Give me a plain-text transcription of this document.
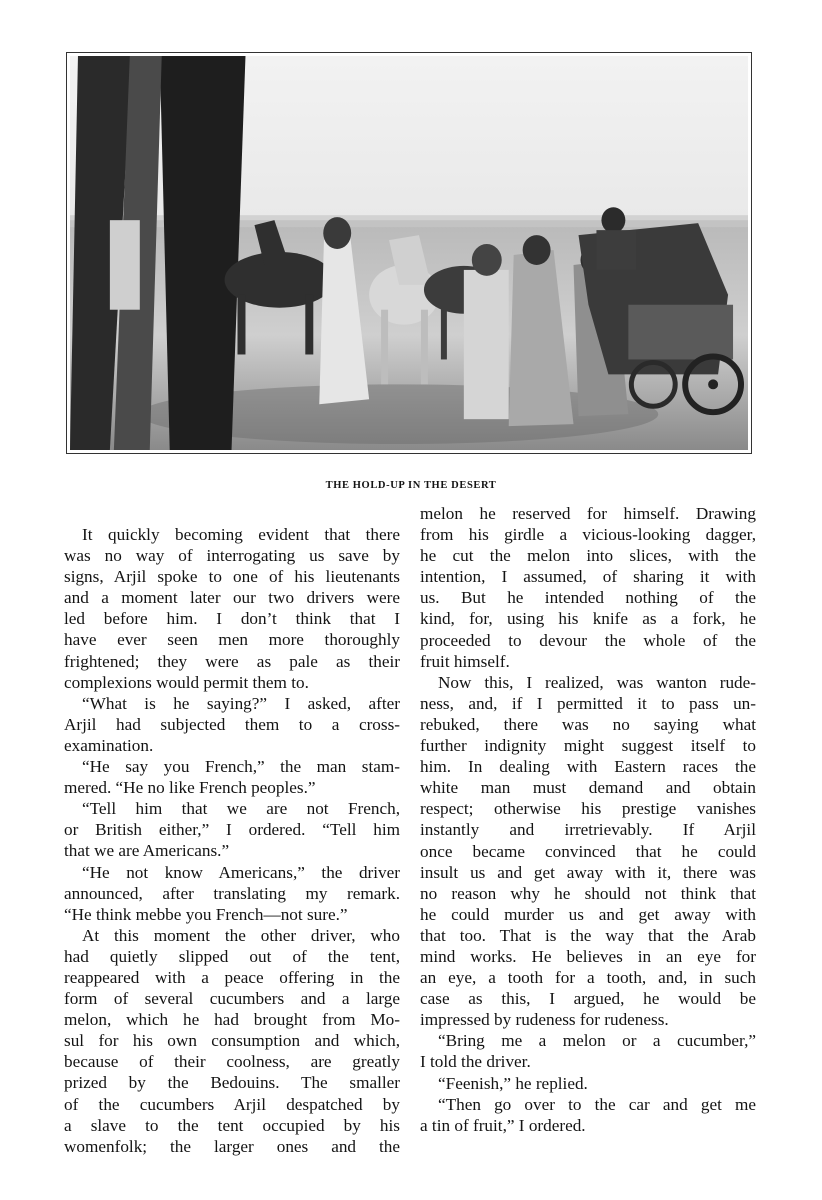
THE HOLD-UP IN THE DESERT
It quickly becoming evident that there
was no way of interrogating us save by
signs, Arjil spoke to one of his lieutenants
and a moment later our two drivers were
led before him. I don’t think that I
have ever seen men more thoroughly
frightened; they were as pale as their
complexions would permit them to.
“What is he saying?” I asked, after
Arjil had subjected them to a cross-
examination.
“He say you French,” the man stam-
mered. “He no like French peoples.”
“Tell him that we are not French,
or British either,” I ordered. “Tell him
that we are Americans.”
“He not know Americans,” the driver
announced, after translating my remark.
“He think mebbe you French—not sure.”
At this moment the other driver, who
had quietly slipped out of the tent,
reappeared with a peace offering in the
form of several cucumbers and a large
melon, which he had brought from Mo-
sul for his own consumption and which,
because of their coolness, are greatly
prized by the Bedouins. The smaller
of the cucumbers Arjil despatched by
a slave to the tent occupied by his
womenfolk; the larger ones and the
melon he reserved for himself. Drawing
from his girdle a vicious-looking dagger,
he cut the melon into slices, with the
intention, I assumed, of sharing it with
us. But he intended nothing of the
kind, for, using his knife as a fork, he
proceeded to devour the whole of the
fruit himself.
Now this, I realized, was wanton rude-
ness, and, if I permitted it to pass un-
rebuked, there was no saying what
further indignity might suggest itself to
him. In dealing with Eastern races the
white man must demand and obtain
respect; otherwise his prestige vanishes
instantly and irretrievably. If Arjil
once became convinced that he could
insult us and get away with it, there was
no reason why he should not think that
he could murder us and get away with
that too. That is the way that the Arab
mind works. He believes in an eye for
an eye, a tooth for a tooth, and, in such
case as this, I argued, he would be
impressed by rudeness for rudeness.
“Bring me a melon or a cucumber,”
I told the driver.
“Feenish,” he replied.
“Then go over to the car and get me
a tin of fruit,” I ordered.
